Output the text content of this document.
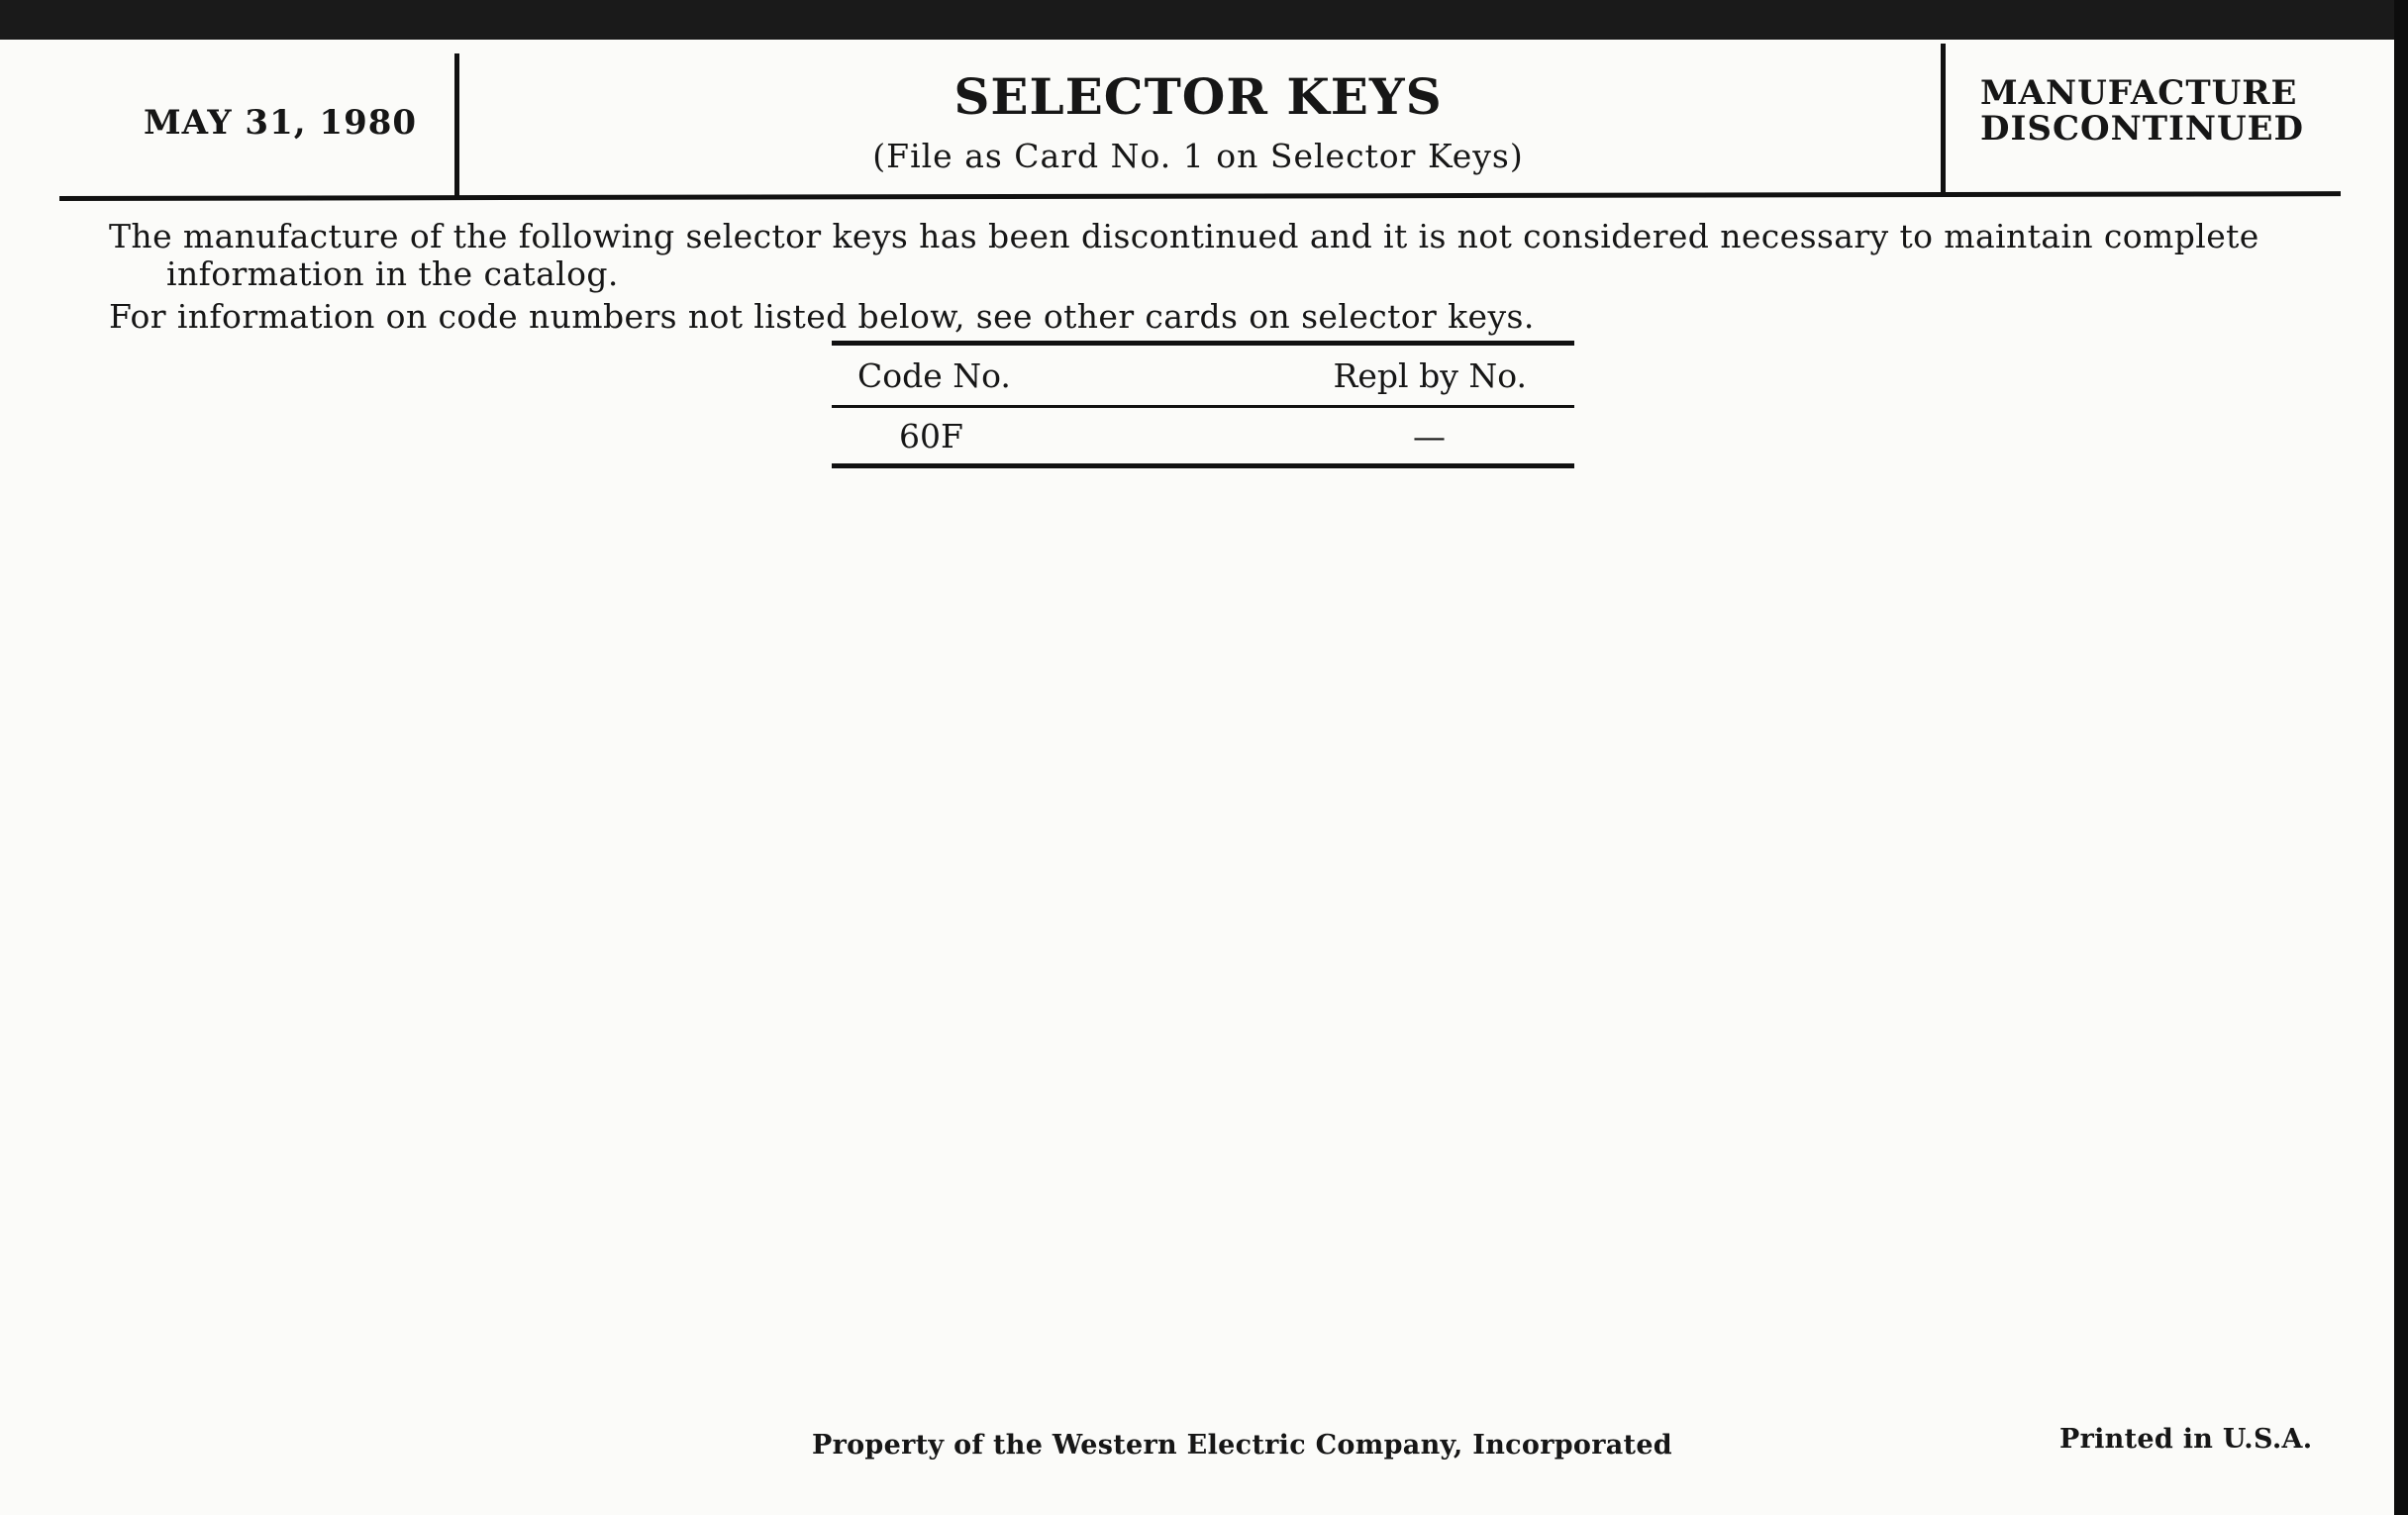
MAY 31, 1980	SELECTOR KEYS
(File as Card No. 1 on Selector Keys)
MANUFACTURE
DISCONTINUED

The manufacture of the following selector keys has been discontinued and it is not considered necessary to maintain complete

information in the catalog.

For information on code numbers not listed below, see other cards on selector keys.

Code No.	Repl by No.
60F	—

Property of the Western Electric Company, Incorporated	Printed in U.S.A.
